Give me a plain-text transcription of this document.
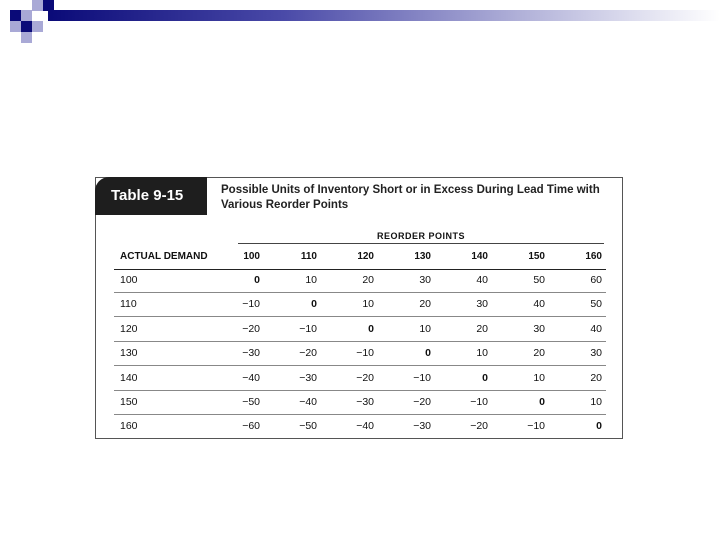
Table 9-15	Possible Units of Inventory Short or in Excess During Lead Time with Various Reorder Points
REORDER POINTS
ACTUAL DEMAND	100	110	120	130	140	150	160
100	0	10	20	30	40	50	60
110	−10	0	10	20	30	40	50
120	−20	−10	0	10	20	30	40
130	−30	−20	−10	0	10	20	30
140	−40	−30	−20	−10	0	10	20
150	−50	−40	−30	−20	−10	0	10
160	−60	−50	−40	−30	−20	−10	0
